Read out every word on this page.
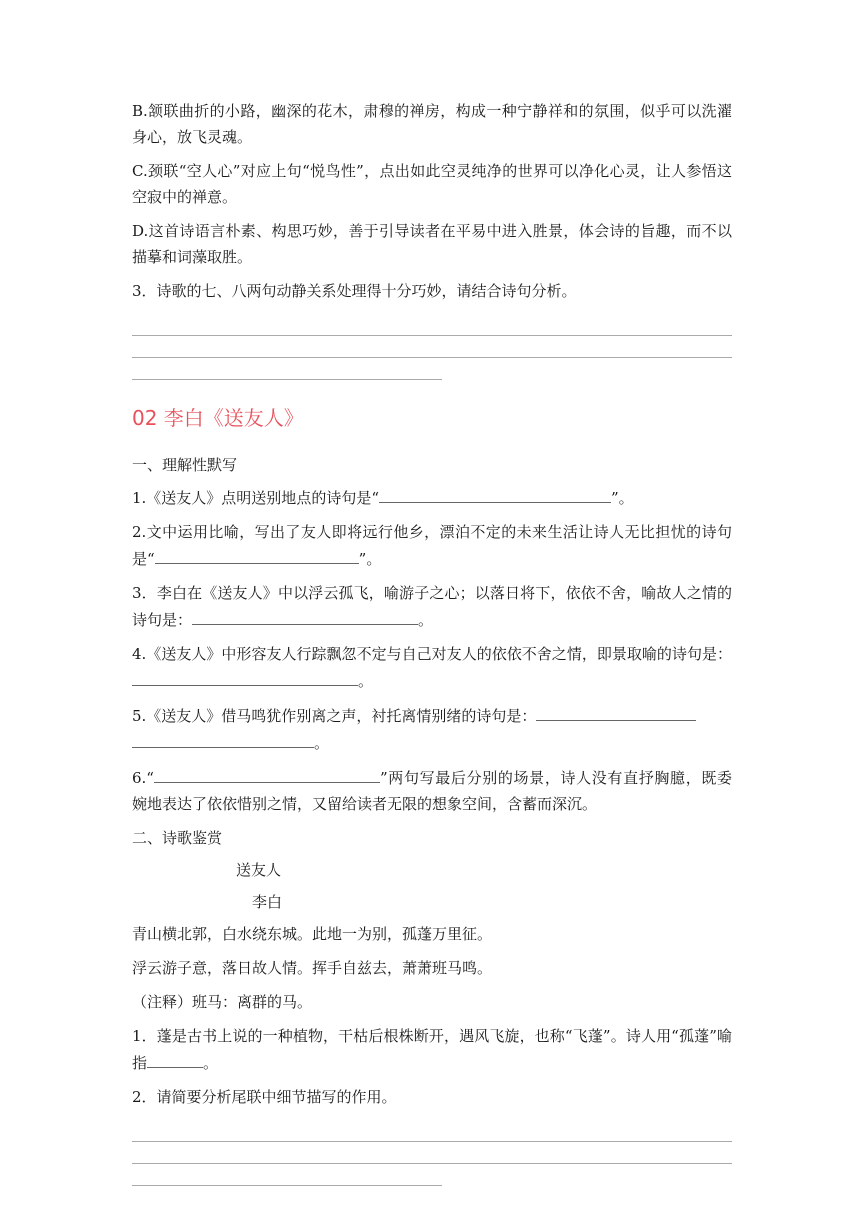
B.颔联曲折的小路，幽深的花木，肃穆的禅房，构成一种宁静祥和的氛围，似乎可以洗濯身心，放飞灵魂。

C.颈联“空人心”对应上句“悦鸟性”，点出如此空灵纯净的世界可以净化心灵，让人参悟这空寂中的禅意。

D.这首诗语言朴素、构思巧妙，善于引导读者在平易中进入胜景，体会诗的旨趣，而不以描摹和词藻取胜。

3．诗歌的七、八两句动静关系处理得十分巧妙，请结合诗句分析。

02 李白《送友人》

一、理解性默写

1.《送友人》点明送别地点的诗句是“	”。

2.文中运用比喻，写出了友人即将远行他乡，漂泊不定的未来生活让诗人无比担忧的诗句是“	”。

3．李白在《送友人》中以浮云孤飞，喻游子之心；以落日将下，依依不舍，喻故人之情的诗句是：	。

4.《送友人》中形容友人行踪飘忽不定与自己对友人的依依不舍之情，即景取喻的诗句是：。

5.《送友人》借马鸣犹作别离之声，衬托离情别绪的诗句是：
。

6.“	”两句写最后分别的场景，诗人没有直抒胸臆，既委婉地表达了依依惜别之情，又留给读者无限的想象空间，含蓄而深沉。

二、诗歌鉴赏

送友人

李白

青山横北郭，白水绕东城。此地一为别，孤蓬万里征。

浮云游子意，落日故人情。挥手自兹去，萧萧班马鸣。

（注释）班马：离群的马。

1．蓬是古书上说的一种植物，干枯后根株断开，遇风飞旋，也称“飞蓬”。诗人用“孤蓬”喻指	。

2．请简要分析尾联中细节描写的作用。
